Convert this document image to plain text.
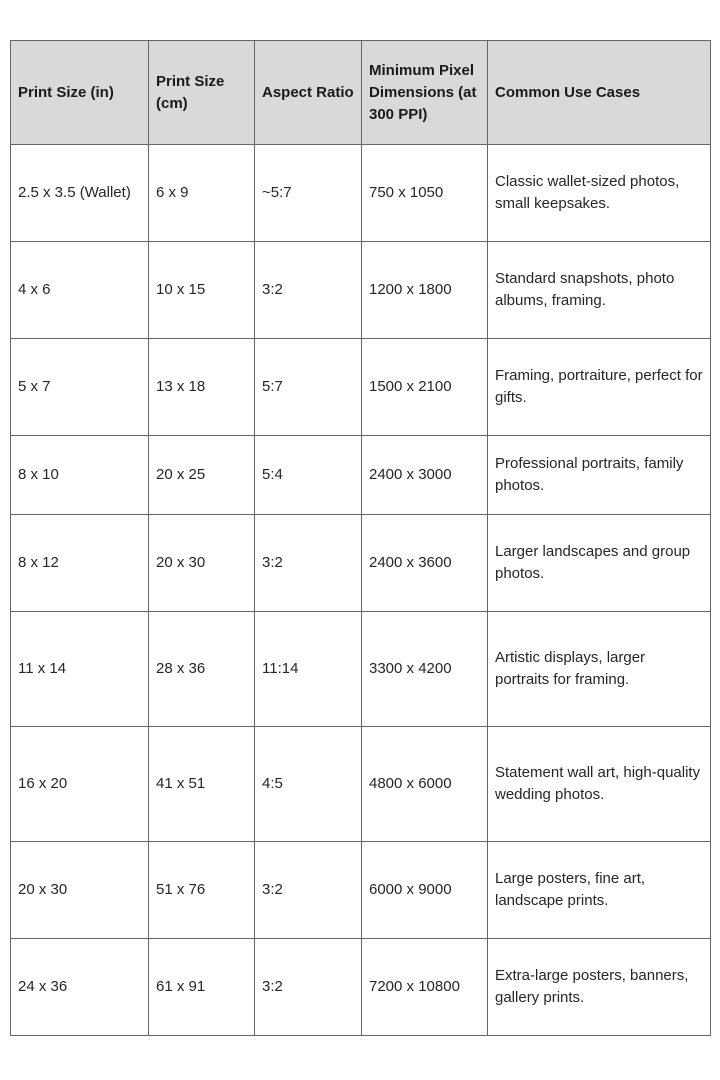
Print Size (in)	Print Size (cm)	Aspect Ratio	Minimum Pixel Dimensions (at 300 PPI)	Common Use Cases
2.5 x 3.5 (Wallet)	6 x 9	~5:7	750 x 1050	Classic wallet-sized photos, small keepsakes.
4 x 6	10 x 15	3:2	1200 x 1800	Standard snapshots, photo albums, framing.
5 x 7	13 x 18	5:7	1500 x 2100	Framing, portraiture, perfect for gifts.
8 x 10	20 x 25	5:4	2400 x 3000	Professional portraits, family photos.
8 x 12	20 x 30	3:2	2400 x 3600	Larger landscapes and group photos.
11 x 14	28 x 36	11:14	3300 x 4200	Artistic displays, larger portraits for framing.
16 x 20	41 x 51	4:5	4800 x 6000	Statement wall art, high-quality wedding photos.
20 x 30	51 x 76	3:2	6000 x 9000	Large posters, fine art, landscape prints.
24 x 36	61 x 91	3:2	7200 x 10800	Extra-large posters, banners, gallery prints.
